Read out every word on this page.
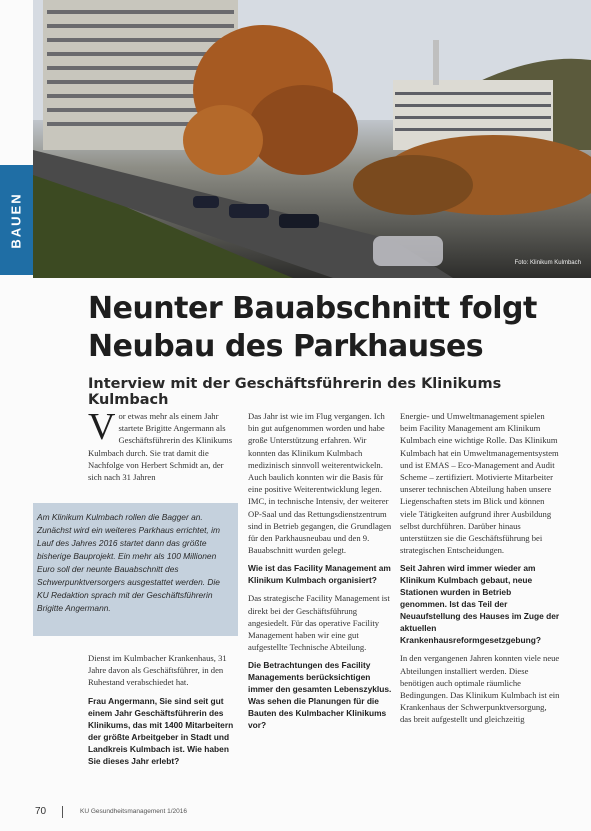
Foto: Klinikum Kulmbach
BAUEN
Neunter Bauabschnitt folgt
Neubau des Parkhauses
Interview mit der Geschäftsführerin des Klinikums Kulmbach

V or etwas mehr als einem Jahr startete Brigitte Angermann als Geschäftsführerin des Klinikums Kulmbach durch. Sie trat damit die Nachfolge von Herbert Schmidt an, der sich nach 31 Jahren

Am Klinikum Kulmbach rollen die Bagger an. Zunächst wird ein weiteres Parkhaus errichtet, im Lauf des Jahres 2016 startet dann das größte bisherige Bauprojekt. Ein mehr als 100 Millionen Euro soll der neunte Bauabschnitt des Schwerpunktversorgers ausgestattet werden. Die KU Redaktion sprach mit der Geschäftsführerin Brigitte Angermann.

Dienst im Kulmbacher Krankenhaus, 31 Jahre davon als Geschäftsführer, in den Ruhestand verabschiedet hat.

Frau Angermann, Sie sind seit gut einem Jahr Geschäftsführerin des Klinikums, das mit 1400 Mitarbeitern der größte Arbeitgeber in Stadt und Landkreis Kulmbach ist. Wie haben Sie dieses Jahr erlebt?

Das Jahr ist wie im Flug vergangen. Ich bin gut aufgenommen worden und habe große Unterstützung erfahren. Wir konnten das Klinikum Kulmbach medizinisch sinnvoll weiterentwickeln. Auch baulich konnten wir die Basis für eine positive Weiterentwicklung legen. IMC, in technische Intensiv, der weiterer OP-Saal und das Rettungsdienstzentrum sind in Betrieb gegangen, die Grundlagen für den Parkhausneubau und den 9. Bauabschnitt wurden gelegt.

Wie ist das Facility Management am Klinikum Kulmbach organisiert?

Das strategische Facility Management ist direkt bei der Geschäftsführung angesiedelt. Für das operative Facility Management haben wir eine gut aufgestellte Technische Abteilung.

Die Betrachtungen des Facility Managements berücksichtigen immer den gesamten Lebenszyklus. Was sehen die Planungen für die Bauten des Kulmbacher Klinikums vor?

Energie- und Umweltmanagement spielen beim Facility Management am Klinikum Kulmbach eine wichtige Rolle. Das Klinikum Kulmbach hat ein Umweltmanagementsystem und ist EMAS – Eco-Management and Audit Scheme – zertifiziert. Motivierte Mitarbeiter unserer technischen Abteilung haben unsere Liegenschaften stets im Blick und können viele Tätigkeiten aufgrund ihrer Ausbildung selbst durchführen. Darüber hinaus unterstützen sie die Geschäftsführung bei strategischen Entscheidungen.

Seit Jahren wird immer wieder am Klinikum Kulmbach gebaut, neue Stationen wurden in Betrieb genommen. Ist das Teil der Neuaufstellung des Hauses im Zuge der aktuellen Krankenhausreformgesetzgebung?

In den vergangenen Jahren konnten viele neue Abteilungen installiert werden. Diese benötigen auch optimale räumliche Bedingungen. Das Klinikum Kulmbach ist ein Krankenhaus der Schwerpunktversorgung, das breit aufgestellt und gleichzeitig

70	KU Gesundheitsmanagement 1/2016
